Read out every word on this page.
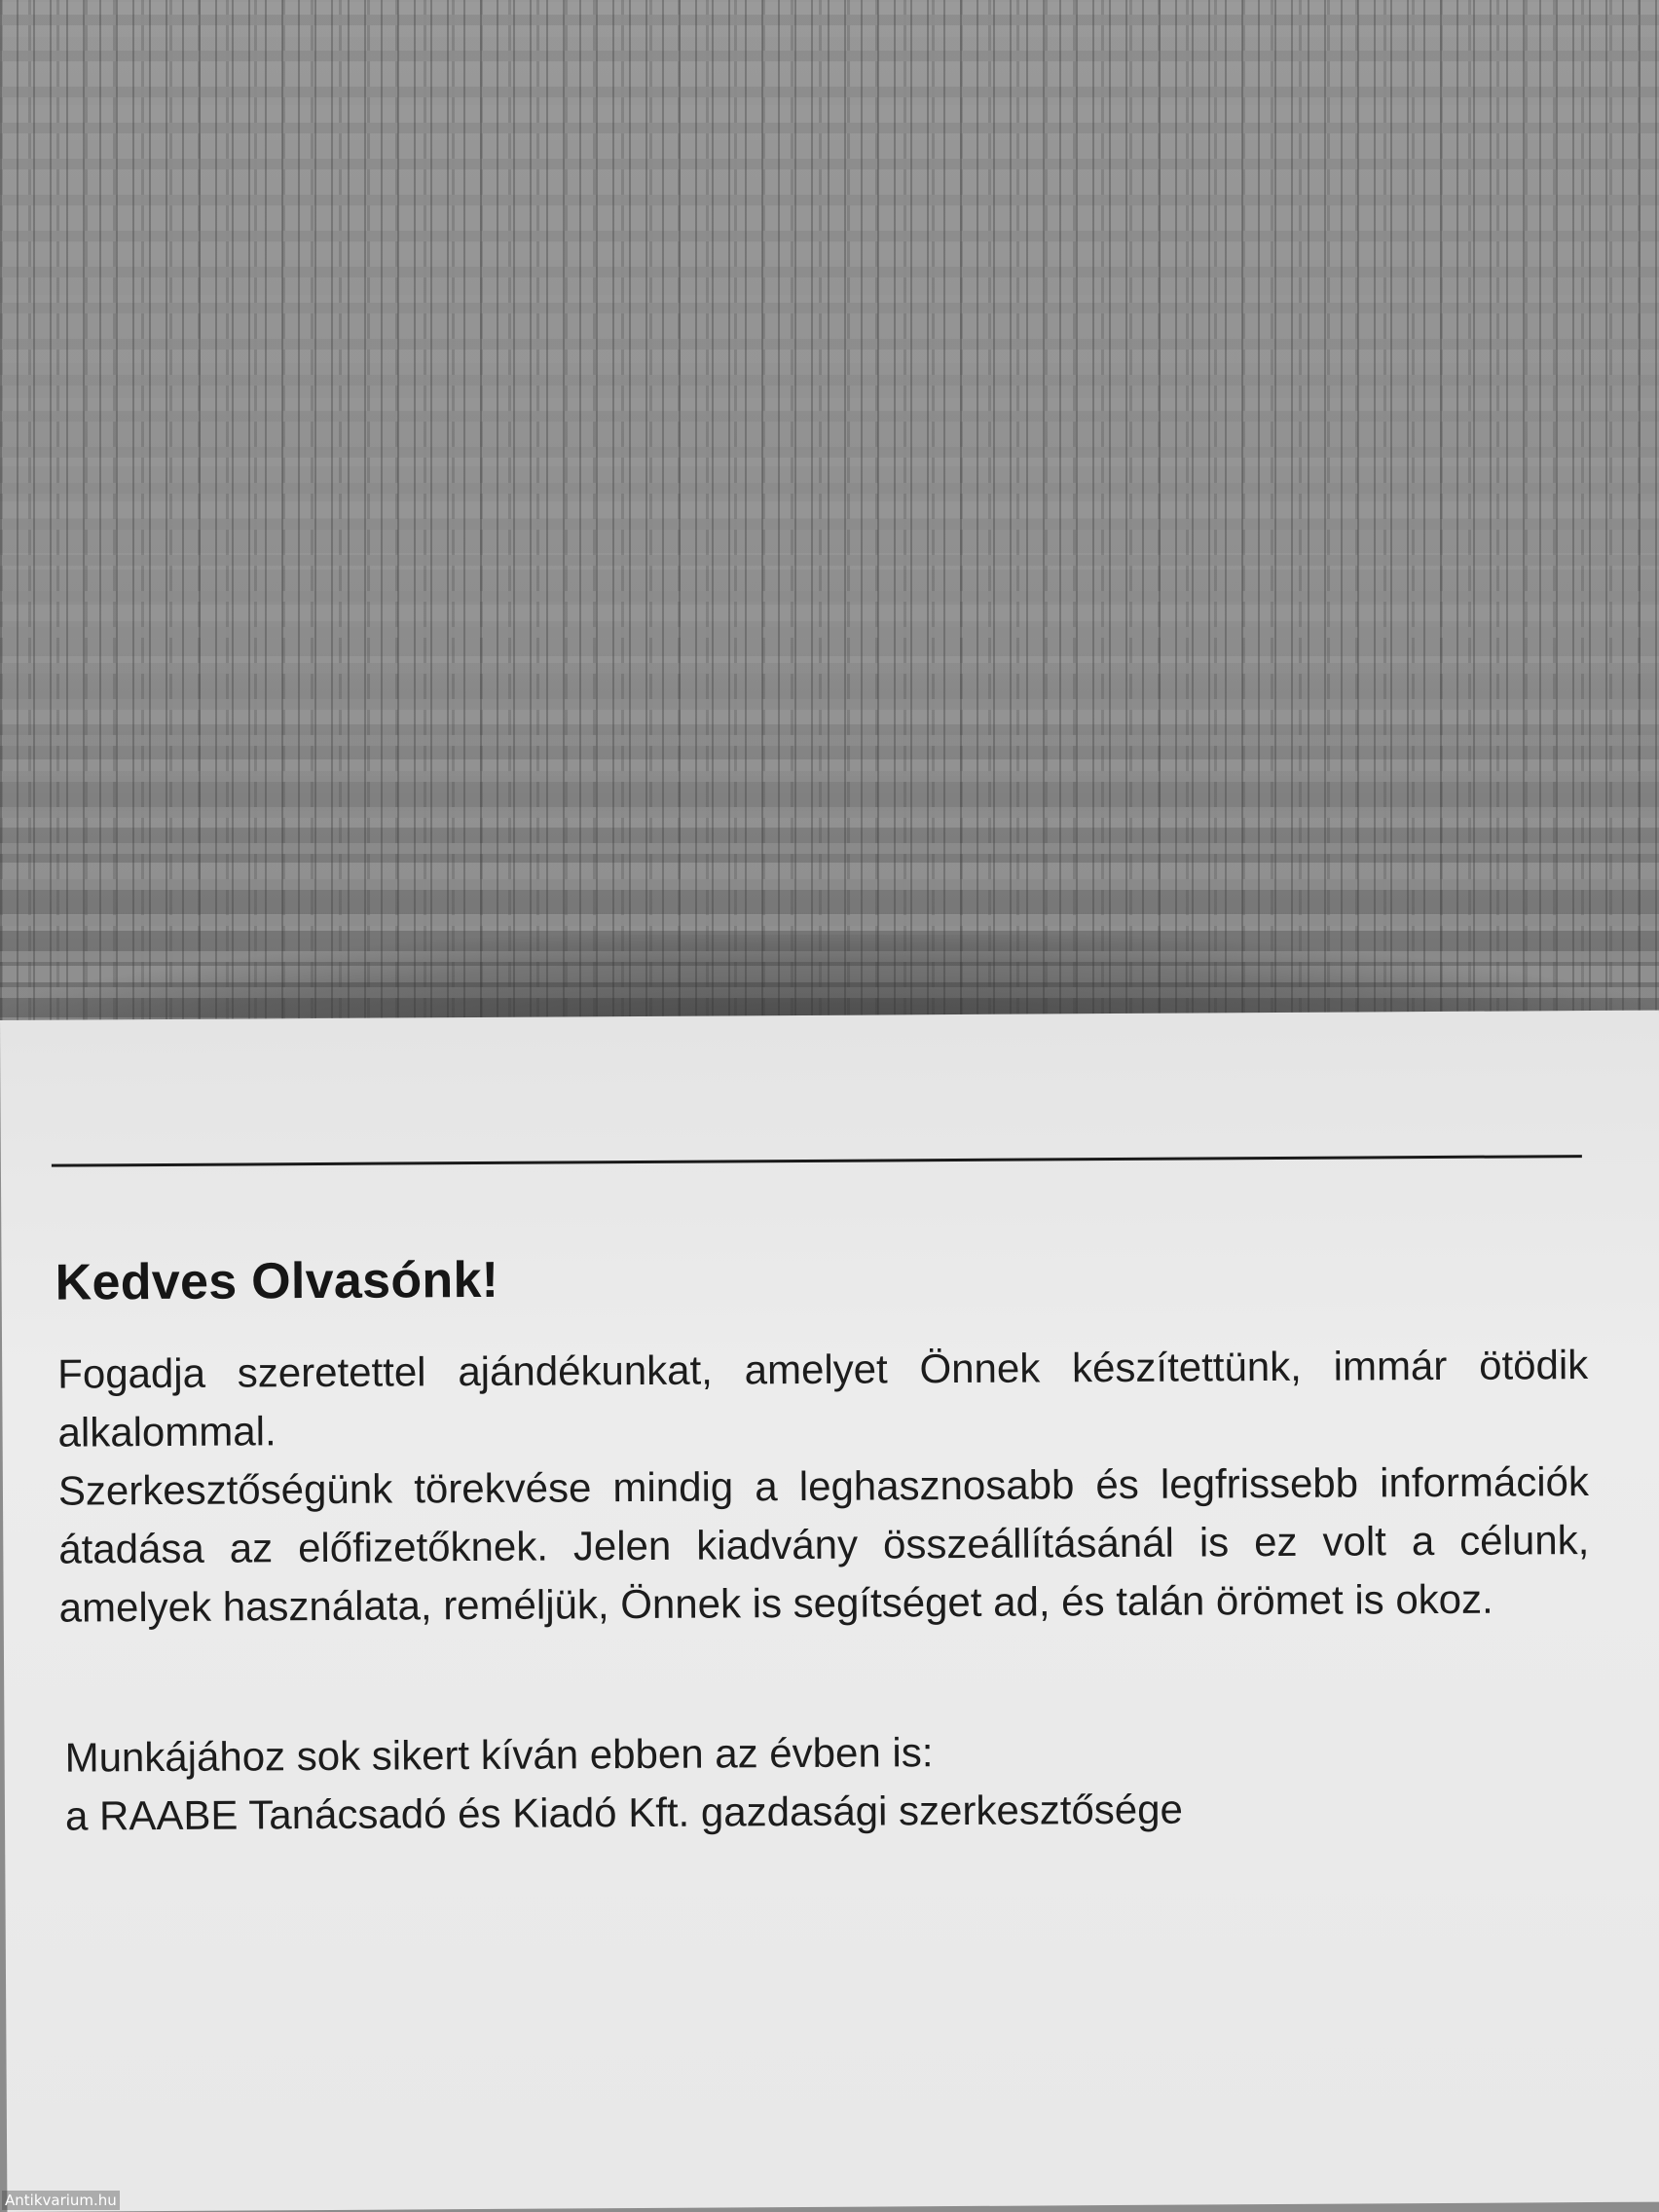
Kedves Olvasónk!

Fogadja szeretettel ajándékunkat, amelyet Önnek készítettünk, immár ötödik alkalommal.

Szerkesztőségünk törekvése mindig a leghasznosabb és legfrissebb információk átadása az előfizetőknek. Jelen kiadvány összeállításánál is ez volt a célunk, amelyek használata, reméljük, Önnek is segítséget ad, és talán örömet is okoz.

Munkájához sok sikert kíván ebben az évben is:
a RAABE Tanácsadó és Kiadó Kft. gazdasági szerkesztősége
Antikvarium.hu
